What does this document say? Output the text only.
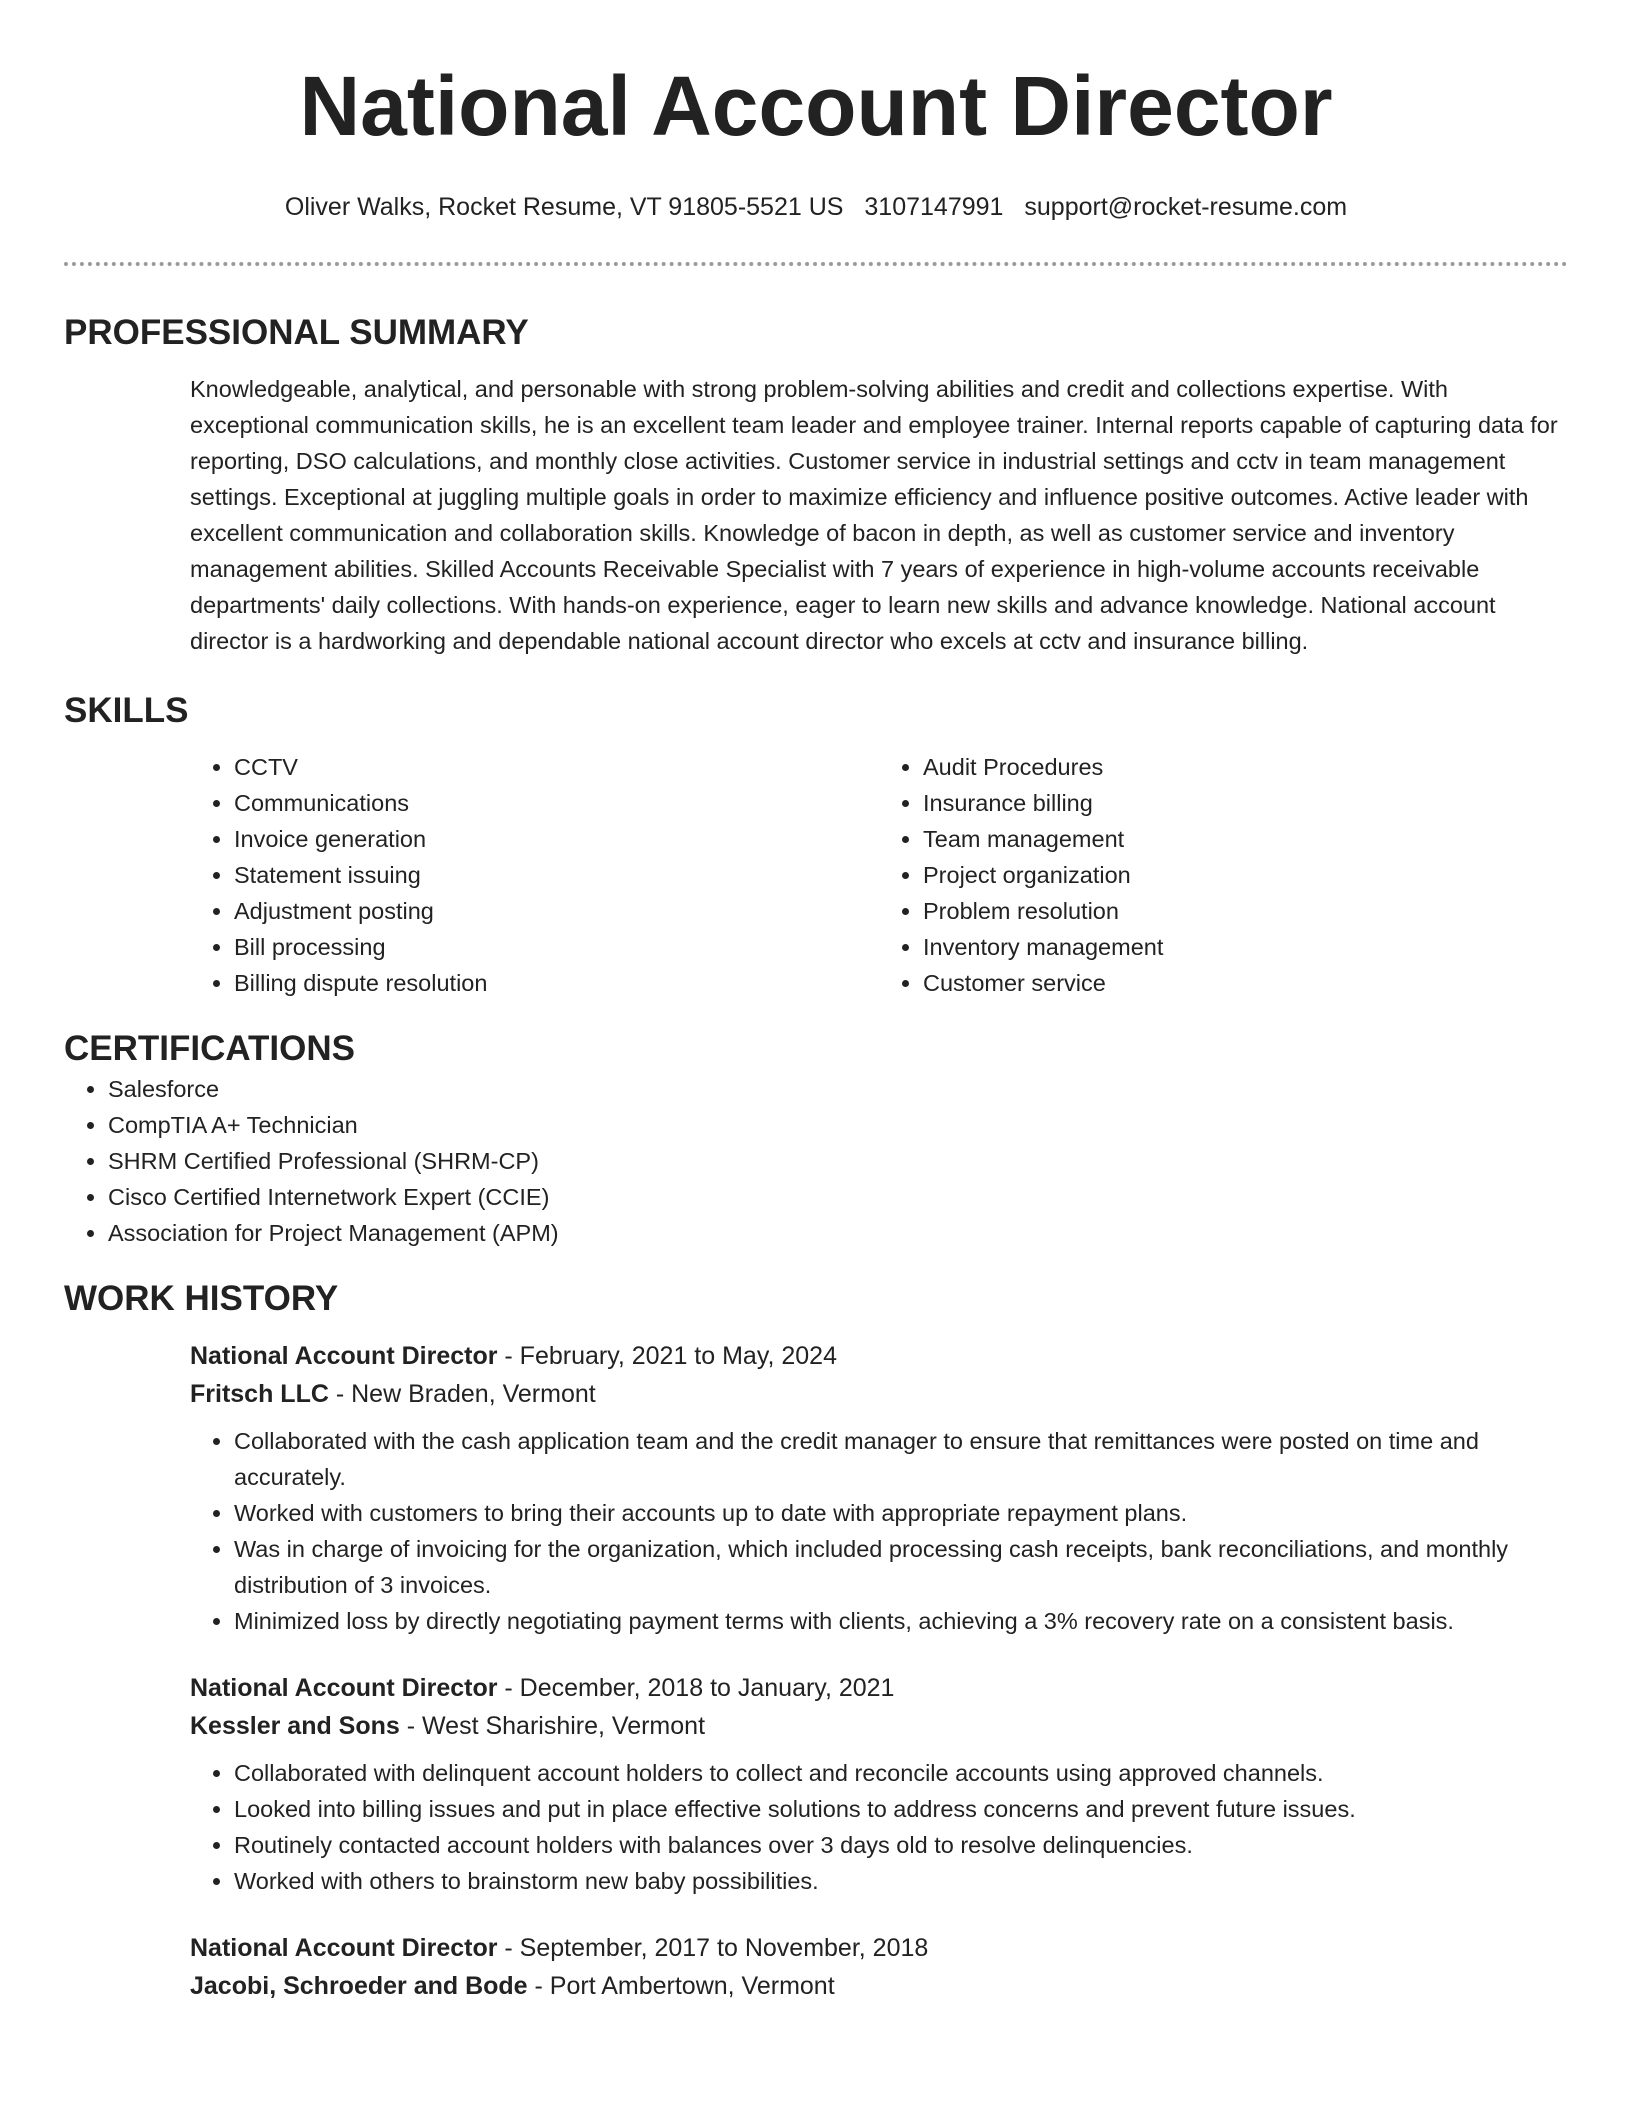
National Account Director
Oliver Walks, Rocket Resume, VT 91805-5521 US 3107147991 support@rocket-resume.com
PROFESSIONAL SUMMARY

Knowledgeable, analytical, and personable with strong problem-solving abilities and credit and collections expertise. With exceptional communication skills, he is an excellent team leader and employee trainer. Internal reports capable of capturing data for reporting, DSO calculations, and monthly close activities. Customer service in industrial settings and cctv in team management settings. Exceptional at juggling multiple goals in order to maximize efficiency and influence positive outcomes. Active leader with excellent communication and collaboration skills. Knowledge of bacon in depth, as well as customer service and inventory management abilities. Skilled Accounts Receivable Specialist with 7 years of experience in high-volume accounts receivable departments' daily collections. With hands-on experience, eager to learn new skills and advance knowledge. National account director is a hardworking and dependable national account director who excels at cctv and insurance billing.

SKILLS
• CCTV
• Communications
• Invoice generation
• Statement issuing
• Adjustment posting
• Bill processing
• Billing dispute resolution
• Audit Procedures
• Insurance billing
• Team management
• Project organization
• Problem resolution
• Inventory management
• Customer service
CERTIFICATIONS
• Salesforce
• CompTIA A+ Technician
• SHRM Certified Professional (SHRM-CP)
• Cisco Certified Internetwork Expert (CCIE)
• Association for Project Management (APM)
WORK HISTORY
National Account Director - February, 2021 to May, 2024
Fritsch LLC - New Braden, Vermont
• Collaborated with the cash application team and the credit manager to ensure that remittances were posted on time and accurately.
• Worked with customers to bring their accounts up to date with appropriate repayment plans.
• Was in charge of invoicing for the organization, which included processing cash receipts, bank reconciliations, and monthly distribution of 3 invoices.
• Minimized loss by directly negotiating payment terms with clients, achieving a 3% recovery rate on a consistent basis.
National Account Director - December, 2018 to January, 2021
Kessler and Sons - West Sharishire, Vermont
• Collaborated with delinquent account holders to collect and reconcile accounts using approved channels.
• Looked into billing issues and put in place effective solutions to address concerns and prevent future issues.
• Routinely contacted account holders with balances over 3 days old to resolve delinquencies.
• Worked with others to brainstorm new baby possibilities.
National Account Director - September, 2017 to November, 2018
Jacobi, Schroeder and Bode - Port Ambertown, Vermont
